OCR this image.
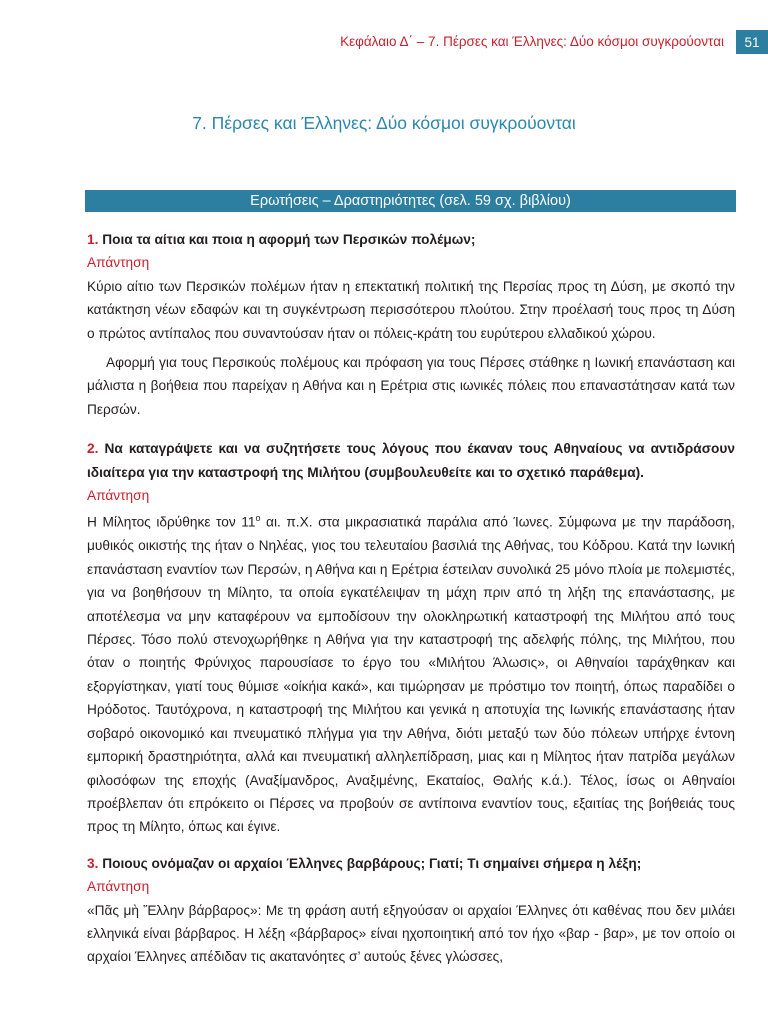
Κεφάλαιο Δ΄ – 7. Πέρσες και Έλληνες: Δύο κόσμοι συγκρούονται	51
7. Πέρσες και Έλληνες: Δύο κόσμοι συγκρούονται
Ερωτήσεις – Δραστηριότητες (σελ. 59 σχ. βιβλίου)

1. Ποια τα αίτια και ποια η αφορμή των Περσικών πολέμων;

Απάντηση

Κύριο αίτιο των Περσικών πολέμων ήταν η επεκτατική πολιτική της Περσίας προς τη Δύση, με σκοπό την κατάκτηση νέων εδαφών και τη συγκέντρωση περισσότερου πλούτου. Στην προέλασή τους προς τη Δύση ο πρώτος αντίπαλος που συναντούσαν ήταν οι πόλεις-κράτη του ευρύτερου ελλαδικού χώρου.

Αφορμή για τους Περσικούς πολέμους και πρόφαση για τους Πέρσες στάθηκε η Ιωνική επανάσταση και μάλιστα η βοήθεια που παρείχαν η Αθήνα και η Ερέτρια στις ιωνικές πόλεις που επαναστάτησαν κατά των Περσών.

2. Να καταγράψετε και να συζητήσετε τους λόγους που έκαναν τους Αθηναίους να αντιδράσουν ιδιαίτερα για την καταστροφή της Μιλήτου (συμβουλευθείτε και το σχετικό παράθεμα).

Απάντηση

Η Μίλητος ιδρύθηκε τον $11^o$ αι. π.Χ. στα μικρασιατικά παράλια από Ίωνες. Σύμφωνα με την παράδοση, μυθικός οικιστής της ήταν ο Νηλέας, γιος του τελευταίου βασιλιά της Αθήνας, του Κόδρου. Κατά την Ιωνική επανάσταση εναντίον των Περσών, η Αθήνα και η Ερέτρια έστειλαν συνολικά 25 μόνο πλοία με πολεμιστές, για να βοηθήσουν τη Μίλητο, τα οποία εγκατέλειψαν τη μάχη πριν από τη λήξη της επανάστασης, με αποτέλεσμα να μην καταφέρουν να εμποδίσουν την ολοκληρωτική καταστροφή της Μιλήτου από τους Πέρσες. Τόσο πολύ στενοχωρήθηκε η Αθήνα για την καταστροφή της αδελφής πόλης, της Μιλήτου, που όταν ο ποιητής Φρύνιχος παρουσίασε το έργο του «Μιλήτου Άλωσις», οι Αθηναίοι ταράχθηκαν και εξοργίστηκαν, γιατί τους θύμισε «οίκήια κακά», και τιμώρησαν με πρόστιμο τον ποιητή, όπως παραδίδει ο Ηρόδοτος. Ταυτόχρονα, η καταστροφή της Μιλήτου και γενικά η αποτυχία της Ιωνικής επανάστασης ήταν σοβαρό οικονομικό και πνευματικό πλήγμα για την Αθήνα, διότι μεταξύ των δύο πόλεων υπήρχε έντονη εμπορική δραστηριότητα, αλλά και πνευματική αλληλεπίδραση, μιας και η Μίλητος ήταν πατρίδα μεγάλων φιλοσόφων της εποχής (Αναξίμανδρος, Αναξιμένης, Εκαταίος, Θαλής κ.ά.). Τέλος, ίσως οι Αθηναίοι προέβλεπαν ότι επρόκειτο οι Πέρσες να προβούν σε αντίποινα εναντίον τους, εξαιτίας της βοήθειάς τους προς τη Μίλητο, όπως και έγινε.

3. Ποιους ονόμαζαν οι αρχαίοι Έλληνες βαρβάρους; Γιατί; Τι σημαίνει σήμερα η λέξη;

Απάντηση

«Πᾶς μὴ Ἕλλην βάρβαρος»: Με τη φράση αυτή εξηγούσαν οι αρχαίοι Έλληνες ότι καθένας που δεν μιλάει ελληνικά είναι βάρβαρος. Η λέξη «βάρβαρος» είναι ηχοποιητική από τον ήχο «βαρ - βαρ», με τον οποίο οι αρχαίοι Έλληνες απέδιδαν τις ακατανόητες σ’ αυτούς ξένες γλώσσες,
